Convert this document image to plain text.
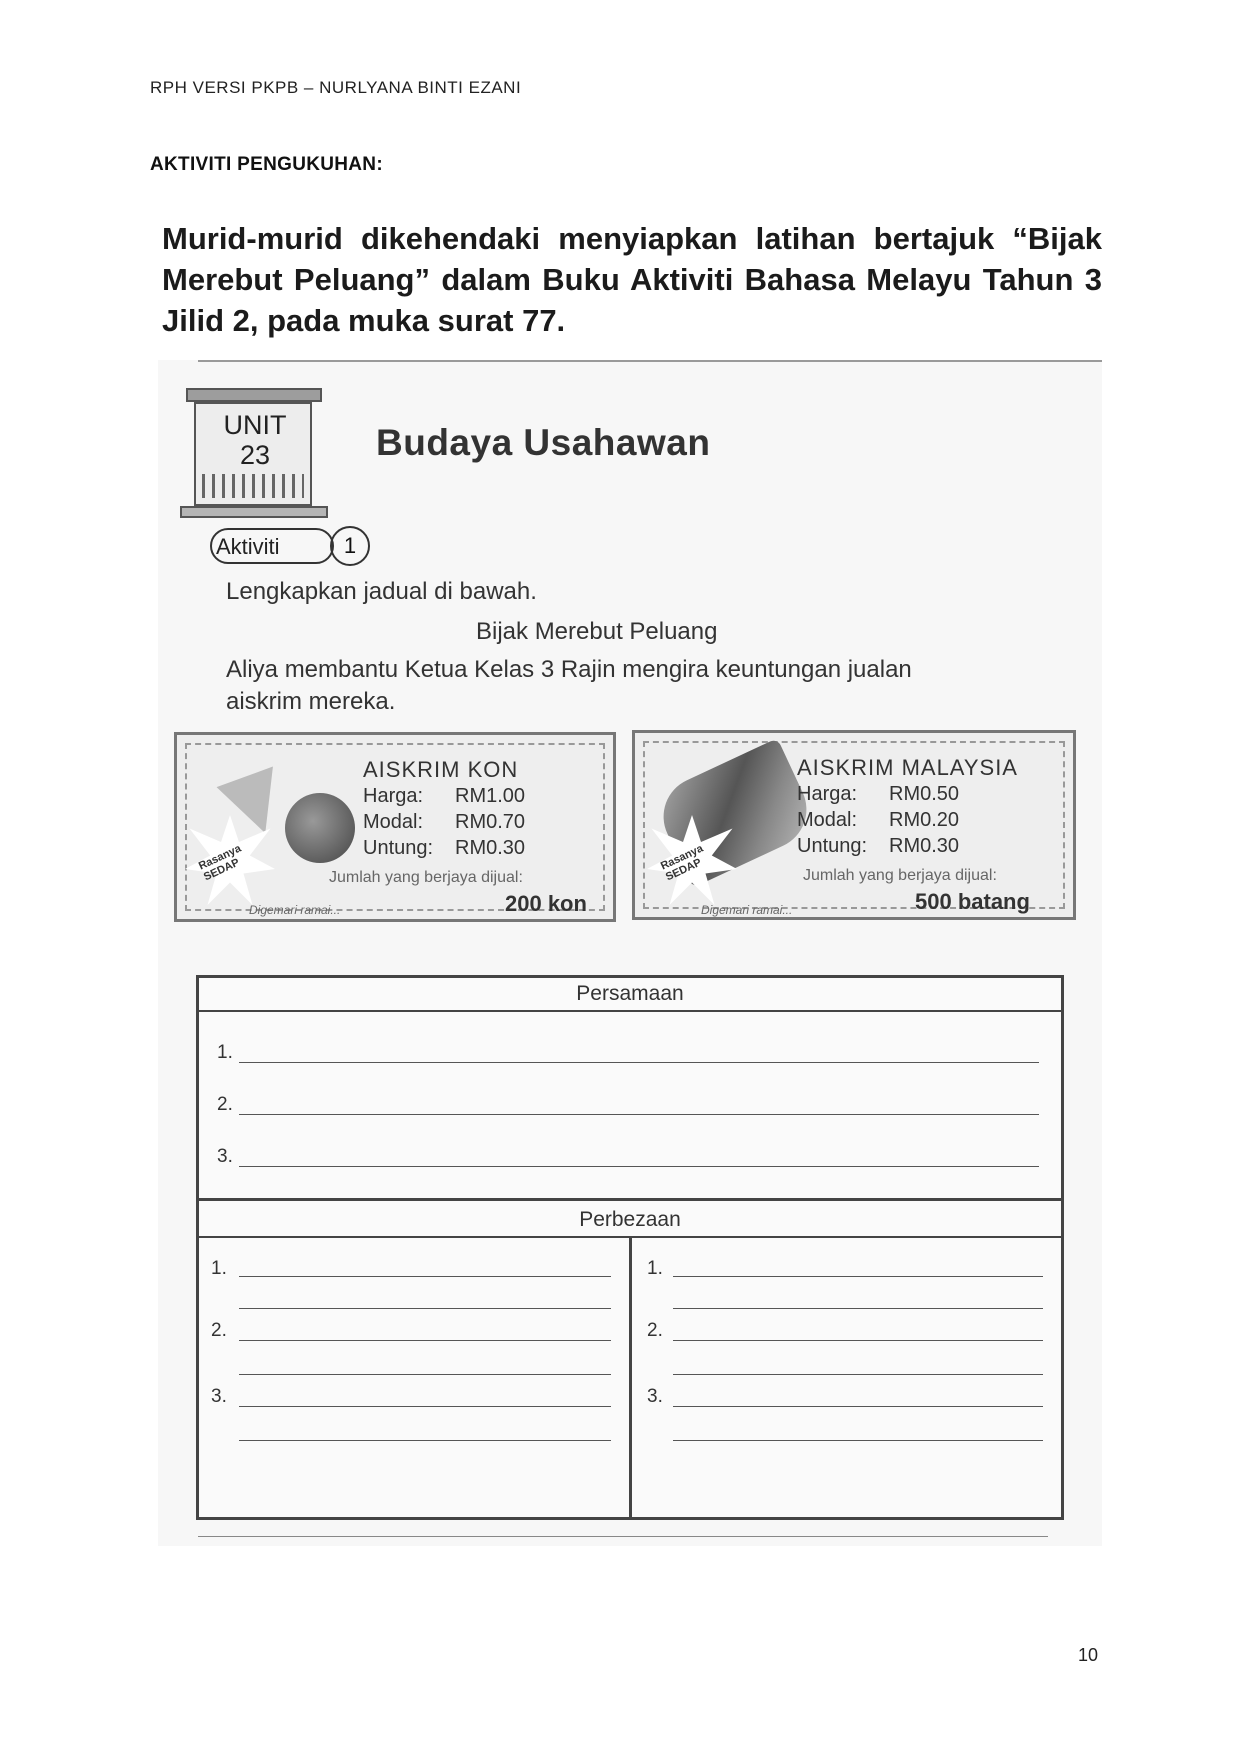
RPH VERSI PKPB – NURLYANA BINTI EZANI
AKTIVITI PENGUKUHAN:
Murid-murid dikehendaki menyiapkan latihan bertajuk “Bijak Merebut Peluang” dalam Buku Aktiviti Bahasa Melayu Tahun 3 Jilid 2, pada muka surat 77.
UNIT
23	Budaya Usahawan
Aktiviti	1
Lengkapkan jadual di bawah.
Bijak Merebut Peluang
Aliya membantu Ketua Kelas 3 Rajin mengira keuntungan jualan
aiskrim mereka.
Rasanya SEDAP
AISKRIM KON
Harga: RM1.00
Modal: RM0.70
Untung: RM0.30
Jumlah yang berjaya dijual:
200 kon
Digemari ramai...
Rasanya SEDAP
AISKRIM MALAYSIA
Harga: RM0.50
Modal: RM0.20
Untung: RM0.30
Jumlah yang berjaya dijual:
500 batang
Digemari ramai...
Persamaan
1.
2.
3.
Perbezaan
1.
2.
3.
1.
2.
3.
10
